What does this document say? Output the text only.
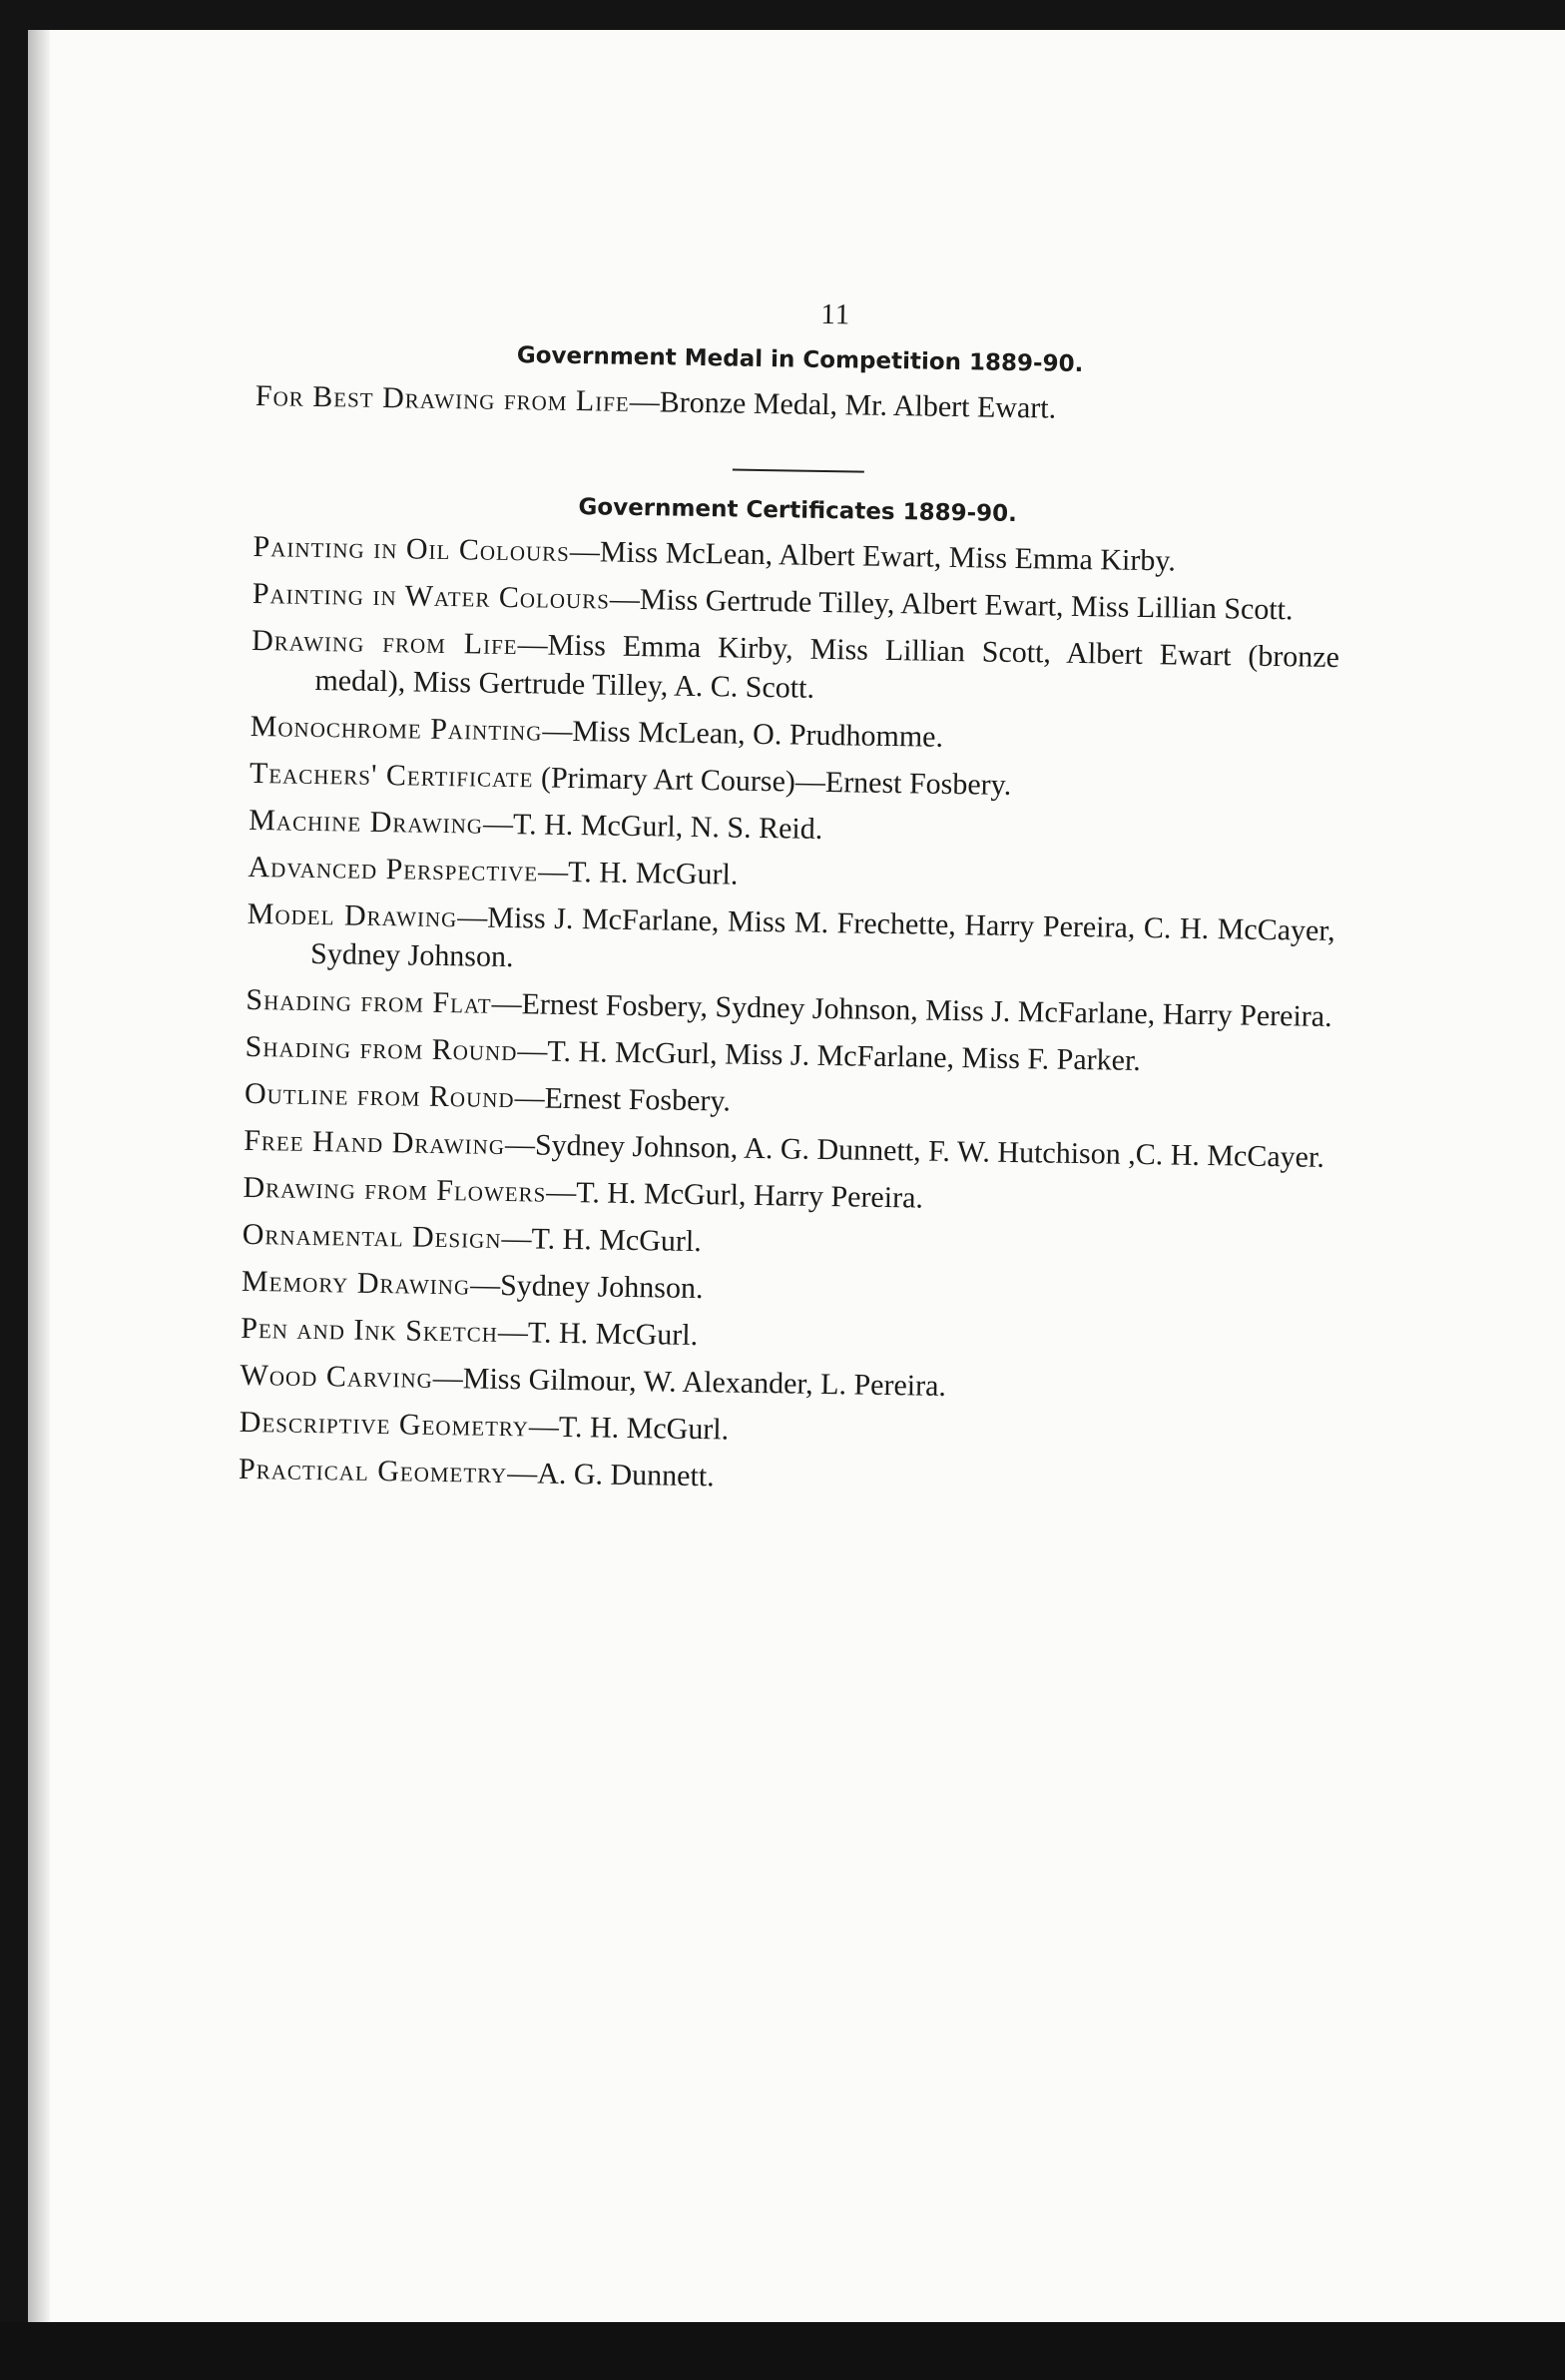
11
Government Medal in Competition 1889-90.

For Best Drawing from Life—Bronze Medal, Mr. Albert Ewart.

Government Certificates 1889-90.

Painting in Oil Colours—Miss McLean, Albert Ewart, Miss Emma Kirby.

Painting in Water Colours—Miss Gertrude Tilley, Albert Ewart, Miss Lillian Scott.

Drawing from Life—Miss Emma Kirby, Miss Lillian Scott, Albert Ewart (bronze medal), Miss Gertrude Tilley, A. C. Scott.

Monochrome Painting—Miss McLean, O. Prudhomme.

Teachers' Certificate (Primary Art Course)—Ernest Fosbery.

Machine Drawing—T. H. McGurl, N. S. Reid.

Advanced Perspective—T. H. McGurl.

Model Drawing—Miss J. McFarlane, Miss M. Frechette, Harry Pereira, C. H. McCayer, Sydney Johnson.

Shading from Flat—Ernest Fosbery, Sydney Johnson, Miss J. McFarlane, Harry Pereira.

Shading from Round—T. H. McGurl, Miss J. McFarlane, Miss F. Parker.

Outline from Round—Ernest Fosbery.

Free Hand Drawing—Sydney Johnson, A. G. Dunnett, F. W. Hutchison ,C. H. McCayer.

Drawing from Flowers—T. H. McGurl, Harry Pereira.

Ornamental Design—T. H. McGurl.

Memory Drawing—Sydney Johnson.

Pen and Ink Sketch—T. H. McGurl.

Wood Carving—Miss Gilmour, W. Alexander, L. Pereira.

Descriptive Geometry—T. H. McGurl.

Practical Geometry—A. G. Dunnett.
